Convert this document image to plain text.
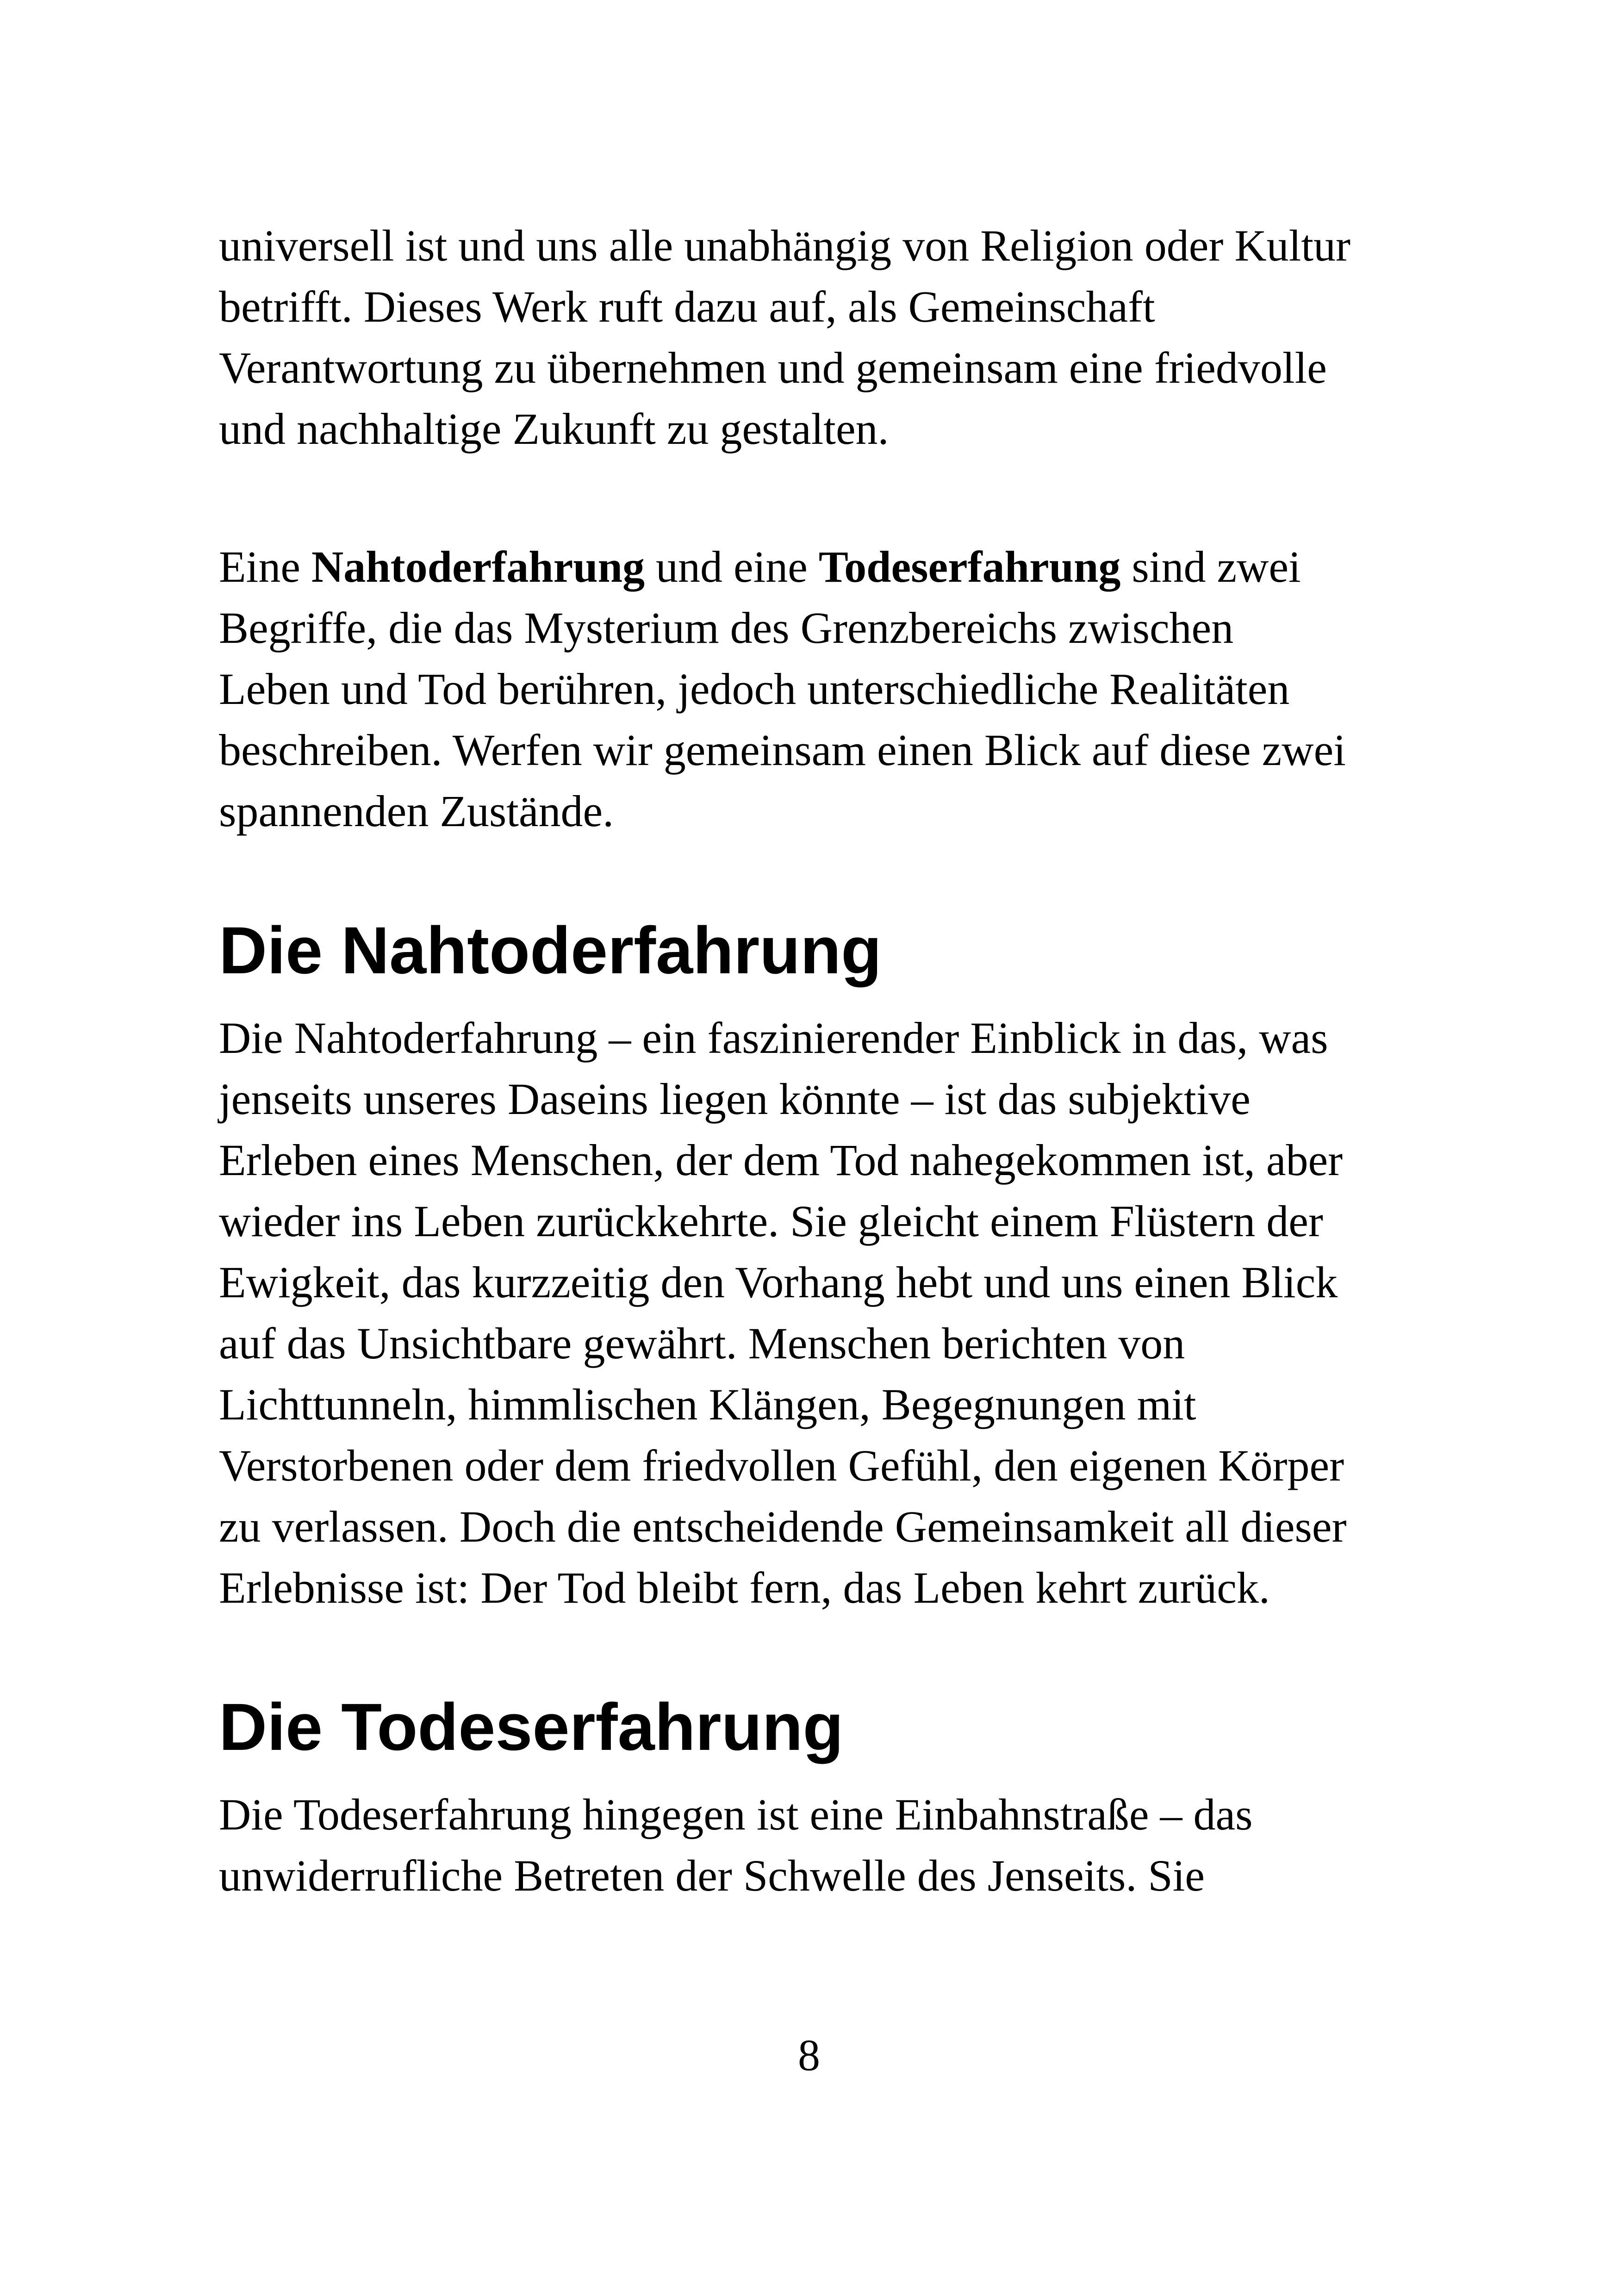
universell ist und uns alle unabhängig von Religion oder Kultur
betrifft. Dieses Werk ruft dazu auf, als Gemeinschaft
Verantwortung zu übernehmen und gemeinsam eine friedvolle
und nachhaltige Zukunft zu gestalten.

Eine Nahtoderfahrung und eine Todeserfahrung sind zwei
Begriffe, die das Mysterium des Grenzbereichs zwischen
Leben und Tod berühren, jedoch unterschiedliche Realitäten
beschreiben. Werfen wir gemeinsam einen Blick auf diese zwei
spannenden Zustände.

Die Nahtoderfahrung

Die Nahtoderfahrung – ein faszinierender Einblick in das, was
jenseits unseres Daseins liegen könnte – ist das subjektive
Erleben eines Menschen, der dem Tod nahegekommen ist, aber
wieder ins Leben zurückkehrte. Sie gleicht einem Flüstern der
Ewigkeit, das kurzzeitig den Vorhang hebt und uns einen Blick
auf das Unsichtbare gewährt. Menschen berichten von
Lichttunneln, himmlischen Klängen, Begegnungen mit
Verstorbenen oder dem friedvollen Gefühl, den eigenen Körper
zu verlassen. Doch die entscheidende Gemeinsamkeit all dieser
Erlebnisse ist: Der Tod bleibt fern, das Leben kehrt zurück.

Die Todeserfahrung

Die Todeserfahrung hingegen ist eine Einbahnstraße – das
unwiderrufliche Betreten der Schwelle des Jenseits. Sie

8
